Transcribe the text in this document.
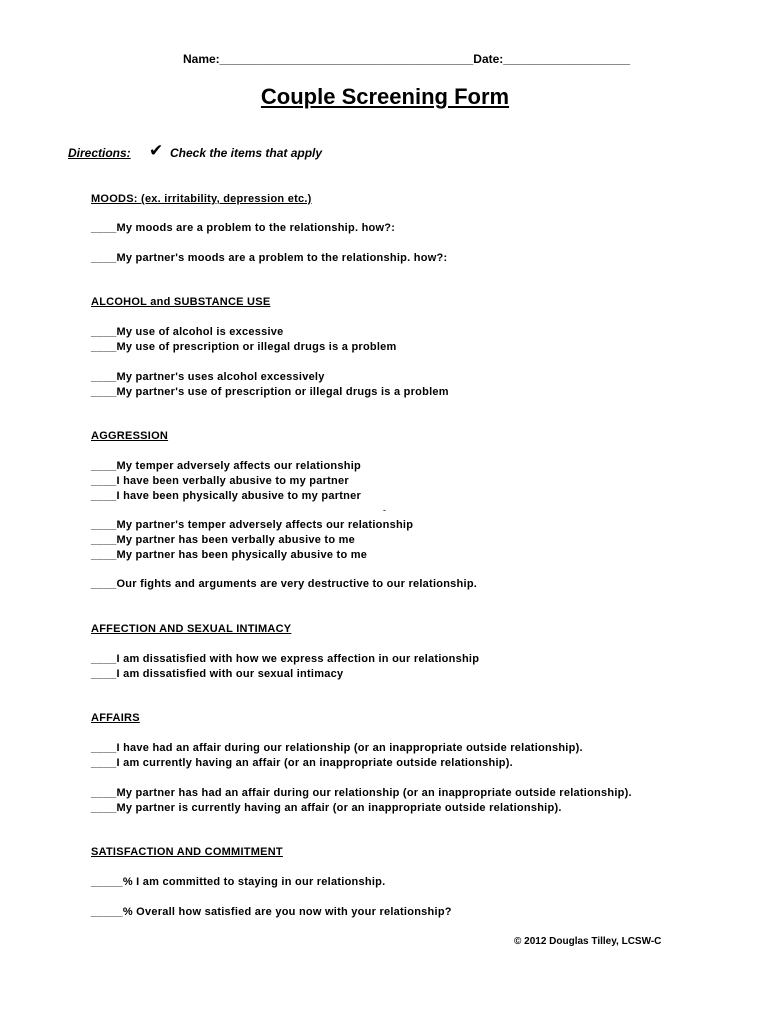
Name:______________________________________Date:___________________
Couple Screening Form
Directions: ✔ Check the items that apply
MOODS: (ex. irritability, depression etc.)
____My moods are a problem to the relationship. how?:
____My partner's moods are a problem to the relationship. how?:
ALCOHOL and SUBSTANCE USE
____My use of alcohol is excessive
____My use of prescription or illegal drugs is a problem
____My partner's uses alcohol excessively
____My partner's use of prescription or illegal drugs is a problem
AGGRESSION
____My temper adversely affects our relationship
____I have been verbally abusive to my partner
____I have been physically abusive to my partner
-
____My partner's temper adversely affects our relationship
____My partner has been verbally abusive to me
____My partner has been physically abusive to me
____Our fights and arguments are very destructive to our relationship.
AFFECTION AND SEXUAL INTIMACY
____I am dissatisfied with how we express affection in our relationship
____I am dissatisfied with our sexual intimacy
AFFAIRS
____I have had an affair during our relationship (or an inappropriate outside relationship).
____I am currently having an affair (or an inappropriate outside relationship).
____My partner has had an affair during our relationship (or an inappropriate outside relationship).
____My partner is currently having an affair (or an inappropriate outside relationship).
SATISFACTION AND COMMITMENT
_____% I am committed to staying in our relationship.
_____% Overall how satisfied are you now with your relationship?
© 2012 Douglas Tilley, LCSW-C
